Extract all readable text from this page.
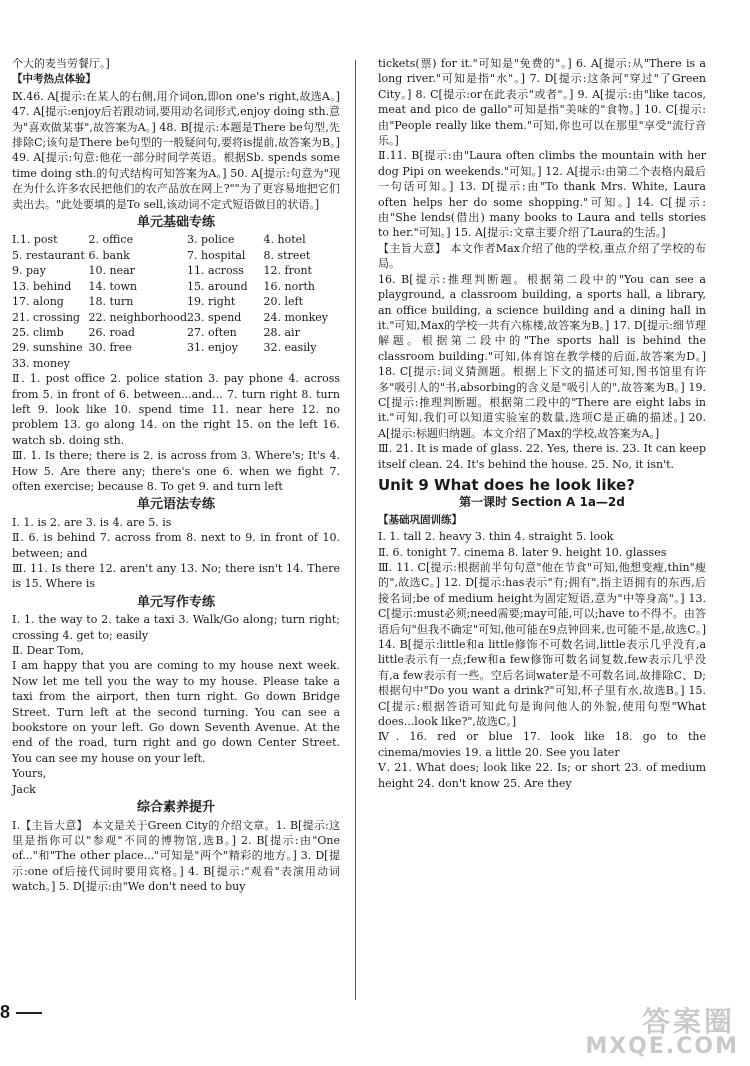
个大的麦当劳餐厅。]

【中考热点体验】

Ⅸ.46. A[提示:在某人的右侧,用介词on,即on one's right,故选A。] 47. A[提示:enjoy后若跟动词,要用动名词形式,enjoy doing sth.意为"喜欢做某事",故答案为A。] 48. B[提示:本题是There be句型,先排除C;该句是There be句型的一般疑问句,要将is提前,故答案为B。] 49. A[提示:句意:他花一部分时间学英语。根据Sb. spends some time doing sth.的句式结构可知答案为A。] 50. A[提示:句意为"现在为什么许多农民把他们的农产品放在网上?""为了更容易地把它们卖出去。"此处要填的是To sell,该动词不定式短语做目的状语。]

单元基础专练
Ⅰ.1. post	2. office	3. police	4. hotel
5. restaurant 6. bank	7. hospital	8. street
9. pay	10. near	11. across	12. front
13. behind	14. town	15. around	16. north
17. along	18. turn	19. right	20. left
21. crossing 22. neighborhood 23. spend	24. monkey
25. climb	26. road	27. often	28. air
29. sunshine 30. free	31. enjoy	32. easily
33. money

Ⅱ. 1. post office 2. police station 3. pay phone 4. across from 5. in front of 6. between...and... 7. turn right 8. turn left 9. look like 10. spend time 11. near here 12. no problem 13. go along 14. on the right 15. on the left 16. watch sb. doing sth.

Ⅲ. 1. Is there; there is 2. is across from 3. Where's; It's 4. How 5. Are there any; there's one 6. when we fight 7. often exercise; because 8. To get 9. and turn left

单元语法专练

Ⅰ. 1. is 2. are 3. is 4. are 5. is

Ⅱ. 6. is behind 7. across from 8. next to 9. in front of 10. between; and

Ⅲ. 11. Is there 12. aren't any 13. No; there isn't 14. There is 15. Where is

单元写作专练

Ⅰ. 1. the way to 2. take a taxi 3. Walk/Go along; turn right; crossing 4. get to; easily

Ⅱ. Dear Tom,
I am happy that you are coming to my house next week. Now let me tell you the way to my house. Please take a taxi from the airport, then turn right. Go down Bridge Street. Turn left at the second turning. You can see a bookstore on your left. Go down Seventh Avenue. At the end of the road, turn right and go down Center Street. You can see my house on your left.
Yours,
Jack

综合素养提升

Ⅰ.【主旨大意】 本文是关于Green City的介绍文章。1. B[提示:这里是指你可以"参观"不同的博物馆,选B。] 2. B[提示:由"One of..."和"The other place..."可知是"两个"精彩的地方。] 3. D[提示:one of后接代词时要用宾格。] 4. B[提示:"观看"表演用动词watch。] 5. D[提示:由"We don't need to buy

tickets(票) for it."可知是"免费的"。] 6. A[提示:从"There is a long river."可知是指"水"。] 7. D[提示:这条河"穿过"了Green City。] 8. C[提示:or在此表示"或者"。] 9. A[提示:由"like tacos, meat and pico de gallo"可知是指"美味的"食物。] 10. C[提示:由"People really like them."可知,你也可以在那里"享受"流行音乐。]

Ⅱ.11. B[提示:由"Laura often climbs the mountain with her dog Pipi on weekends."可知。] 12. A[提示:由第二个表格内最后一句话可知。] 13. D[提示:由"To thank Mrs. White, Laura often helps her do some shopping."可知。] 14. C[提示:由"She lends(借出) many books to Laura and tells stories to her."可知。] 15. A[提示:文章主要介绍了Laura的生活。]

【主旨大意】 本文作者Max介绍了他的学校,重点介绍了学校的布局。

16. B[提示:推理判断题。根据第二段中的"You can see a playground, a classroom building, a sports hall, a library, an office building, a science building and a dining hall in it."可知,Max的学校一共有六栋楼,故答案为B。] 17. D[提示:细节理解题。根据第二段中的"The sports hall is behind the classroom building."可知,体育馆在教学楼的后面,故答案为D。] 18. C[提示:词义猜测题。根据上下文的描述可知,图书馆里有许多"吸引人的"书,absorbing的含义是"吸引人的",故答案为B。] 19. C[提示:推理判断题。根据第二段中的"There are eight labs in it."可知,我们可以知道实验室的数量,选项C是正确的描述。] 20. A[提示:标题归纳题。本文介绍了Max的学校,故答案为A。]

Ⅲ. 21. It is made of glass. 22. Yes, there is. 23. It can keep itself clean. 24. It's behind the house. 25. No, it isn't.

Unit 9 What does he look like?
第一课时 Section A 1a—2d
【基础巩固训练】

Ⅰ. 1. tall 2. heavy 3. thin 4. straight 5. look

Ⅱ. 6. tonight 7. cinema 8. later 9. height 10. glasses

Ⅲ. 11. C[提示:根据前半句句意"他在节食"可知,他想变瘦,thin"瘦的",故选C。] 12. D[提示:has表示"有;拥有",指主语拥有的东西,后接名词;be of medium height为固定短语,意为"中等身高"。] 13. C[提示:must必须;need需要;may可能,可以;have to不得不。由答语后句"但我不确定"可知,他可能在9点钟回来,也可能不是,故选C。] 14. B[提示:little和a little修饰不可数名词,little表示几乎没有,a little表示有一点;few和a few修饰可数名词复数,few表示几乎没有,a few表示有一些。空后名词water是不可数名词,故排除C、D;根据句中"Do you want a drink?"可知,杯子里有水,故选B。] 15. C[提示:根据答语可知此句是询问他人的外貌,使用句型"What does...look like?",故选C。]

Ⅳ. 16. red or blue 17. look like 18. go to the cinema/movies 19. a little 20. See you later

Ⅴ. 21. What does; look like 22. Is; or short 23. of medium height 24. don't know 25. Are they

8	答案圈
MXQE.COM
